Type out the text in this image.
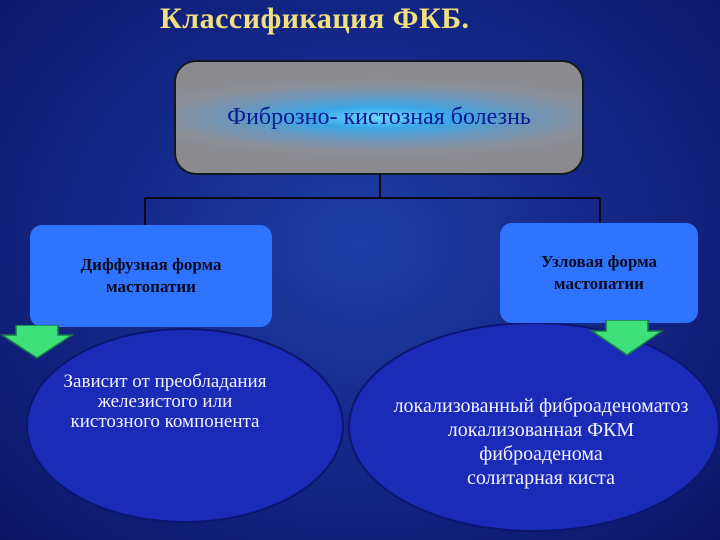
Классификация ФКБ.
Фиброзно- кистозная болезнь
Диффузная форма
мастопатии
Узловая форма
мастопатии
Зависит от преобладания
железистого или
кистозного компонента
локализованный фиброаденоматоз
локализованная ФКМ
фиброаденома
солитарная киста
